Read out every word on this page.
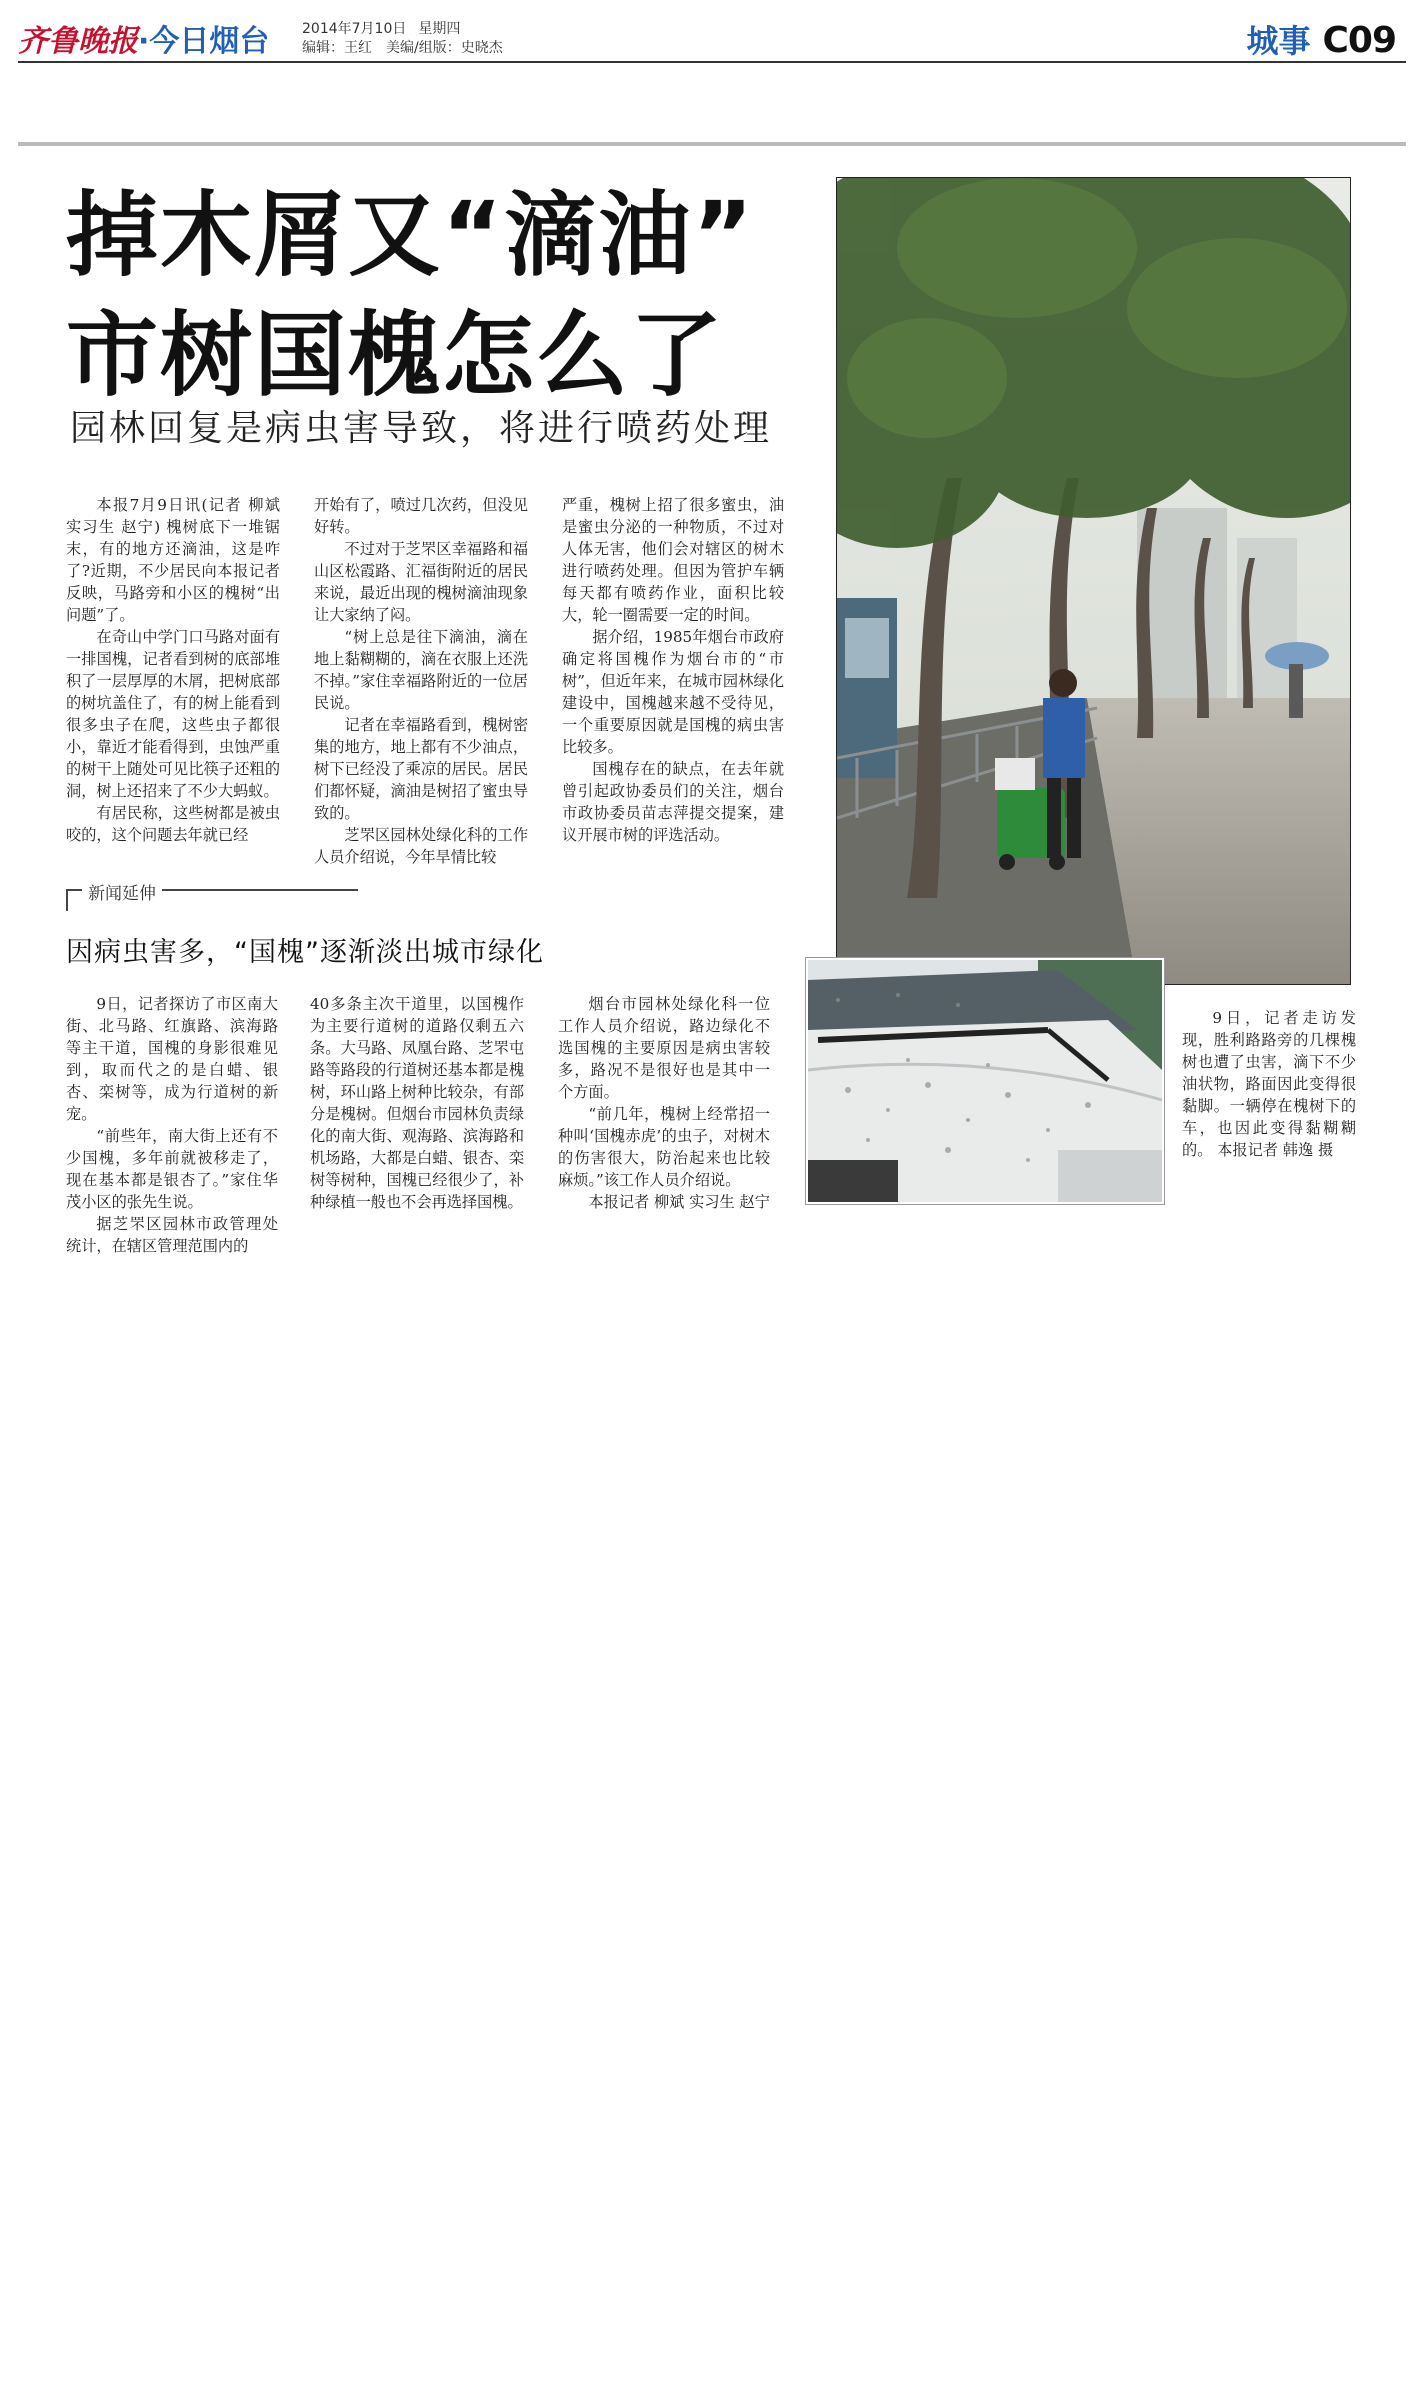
齐鲁晚报·今日烟台 2014年7月10日 星期四
编辑：王红　美编/组版：史晓杰	城事 C09
掉木屑又“滴油”
市树国槐怎么了
园林回复是病虫害导致，将进行喷药处理

本报7月9日讯(记者 柳斌 实习生 赵宁) 槐树底下一堆锯末，有的地方还滴油，这是咋了?近期，不少居民向本报记者反映，马路旁和小区的槐树“出问题”了。

在奇山中学门口马路对面有一排国槐，记者看到树的底部堆积了一层厚厚的木屑，把树底部的树坑盖住了，有的树上能看到很多虫子在爬，这些虫子都很小，靠近才能看得到，虫蚀严重的树干上随处可见比筷子还粗的洞，树上还招来了不少大蚂蚁。

有居民称，这些树都是被虫咬的，这个问题去年就已经

开始有了，喷过几次药，但没见好转。

不过对于芝罘区幸福路和福山区松霞路、汇福街附近的居民来说，最近出现的槐树滴油现象让大家纳了闷。

“树上总是往下滴油，滴在地上黏糊糊的，滴在衣服上还洗不掉。”家住幸福路附近的一位居民说。

记者在幸福路看到，槐树密集的地方，地上都有不少油点，树下已经没了乘凉的居民。居民们都怀疑，滴油是树招了蜜虫导致的。

芝罘区园林处绿化科的工作人员介绍说，今年旱情比较

严重，槐树上招了很多蜜虫，油是蜜虫分泌的一种物质，不过对人体无害，他们会对辖区的树木进行喷药处理。但因为管护车辆每天都有喷药作业，面积比较大，轮一圈需要一定的时间。

据介绍，1985年烟台市政府确定将国槐作为烟台市的“市树”，但近年来，在城市园林绿化建设中，国槐越来越不受待见，一个重要原因就是国槐的病虫害比较多。

国槐存在的缺点，在去年就曾引起政协委员们的关注，烟台市政协委员苗志萍提交提案，建议开展市树的评选活动。

新闻延伸
因病虫害多，“国槐”逐渐淡出城市绿化

9日，记者探访了市区南大街、北马路、红旗路、滨海路等主干道，国槐的身影很难见到，取而代之的是白蜡、银杏、栾树等，成为行道树的新宠。

“前些年，南大街上还有不少国槐，多年前就被移走了，现在基本都是银杏了。”家住华茂小区的张先生说。

据芝罘区园林市政管理处统计，在辖区管理范围内的

40多条主次干道里，以国槐作为主要行道树的道路仅剩五六条。大马路、凤凰台路、芝罘屯路等路段的行道树还基本都是槐树，环山路上树种比较杂，有部分是槐树。但烟台市园林负责绿化的南大街、观海路、滨海路和机场路，大都是白蜡、银杏、栾树等树种，国槐已经很少了，补种绿植一般也不会再选择国槐。

烟台市园林处绿化科一位工作人员介绍说，路边绿化不选国槐的主要原因是病虫害较多，路况不是很好也是其中一个方面。

“前几年，槐树上经常招一种叫‘国槐赤虎’的虫子，对树木的伤害很大，防治起来也比较麻烦。”该工作人员介绍说。

本报记者 柳斌 实习生 赵宁

9日，记者走访发现，胜利路路旁的几棵槐树也遭了虫害，滴下不少油状物，路面因此变得很黏脚。一辆停在槐树下的车，也因此变得黏糊糊的。 本报记者 韩逸 摄
